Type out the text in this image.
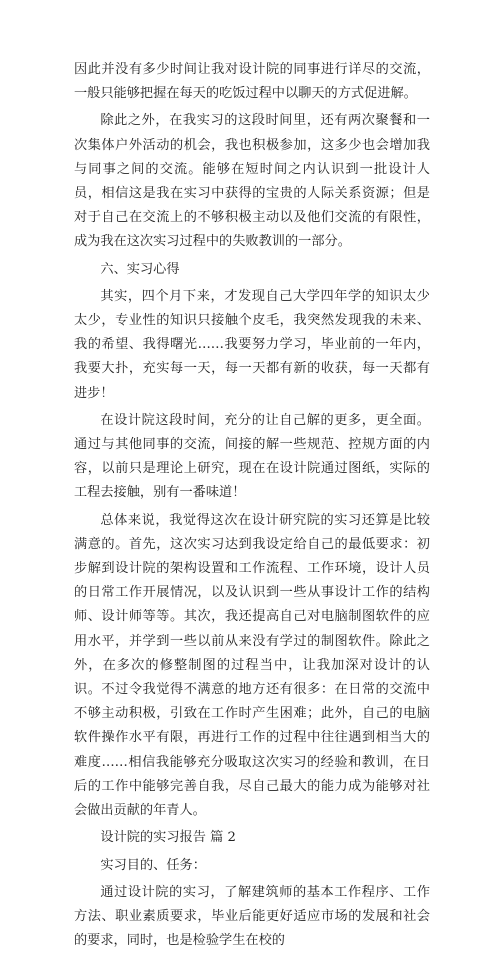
因此并没有多少时间让我对设计院的同事进行详尽的交流，一般只能够把握在每天的吃饭过程中以聊天的方式促进解。

除此之外，在我实习的这段时间里，还有两次聚餐和一次集体户外活动的机会，我也积极参加，这多少也会增加我与同事之间的交流。能够在短时间之内认识到一批设计人员，相信这是我在实习中获得的宝贵的人际关系资源；但是对于自己在交流上的不够积极主动以及他们交流的有限性，成为我在这次实习过程中的失败教训的一部分。

六、实习心得

其实，四个月下来，才发现自己大学四年学的知识太少太少，专业性的知识只接触个皮毛，我突然发现我的未来、我的希望、我得曙光……我要努力学习，毕业前的一年内，我要大扑，充实每一天，每一天都有新的收获，每一天都有进步！

在设计院这段时间，充分的让自己解的更多，更全面。通过与其他同事的交流，间接的解一些规范、控规方面的内容，以前只是理论上研究，现在在设计院通过图纸，实际的工程去接触，别有一番味道！

总体来说，我觉得这次在设计研究院的实习还算是比较满意的。首先，这次实习达到我设定给自己的最低要求：初步解到设计院的架构设置和工作流程、工作环境，设计人员的日常工作开展情况，以及认识到一些从事设计工作的结构师、设计师等等。其次，我还提高自己对电脑制图软件的应用水平，并学到一些以前从来没有学过的制图软件。除此之外，在多次的修整制图的过程当中，让我加深对设计的认识。不过令我觉得不满意的地方还有很多：在日常的交流中不够主动积极，引致在工作时产生困难；此外，自己的电脑软件操作水平有限，再进行工作的过程中往往遇到相当大的难度……相信我能够充分吸取这次实习的经验和教训，在日后的工作中能够完善自我，尽自己最大的能力成为能够对社会做出贡献的年青人。

设计院的实习报告 篇 2

实习目的、任务：

通过设计院的实习，了解建筑师的基本工作程序、工作方法、职业素质要求，毕业后能更好适应市场的发展和社会的要求，同时，也是检验学生在校的
